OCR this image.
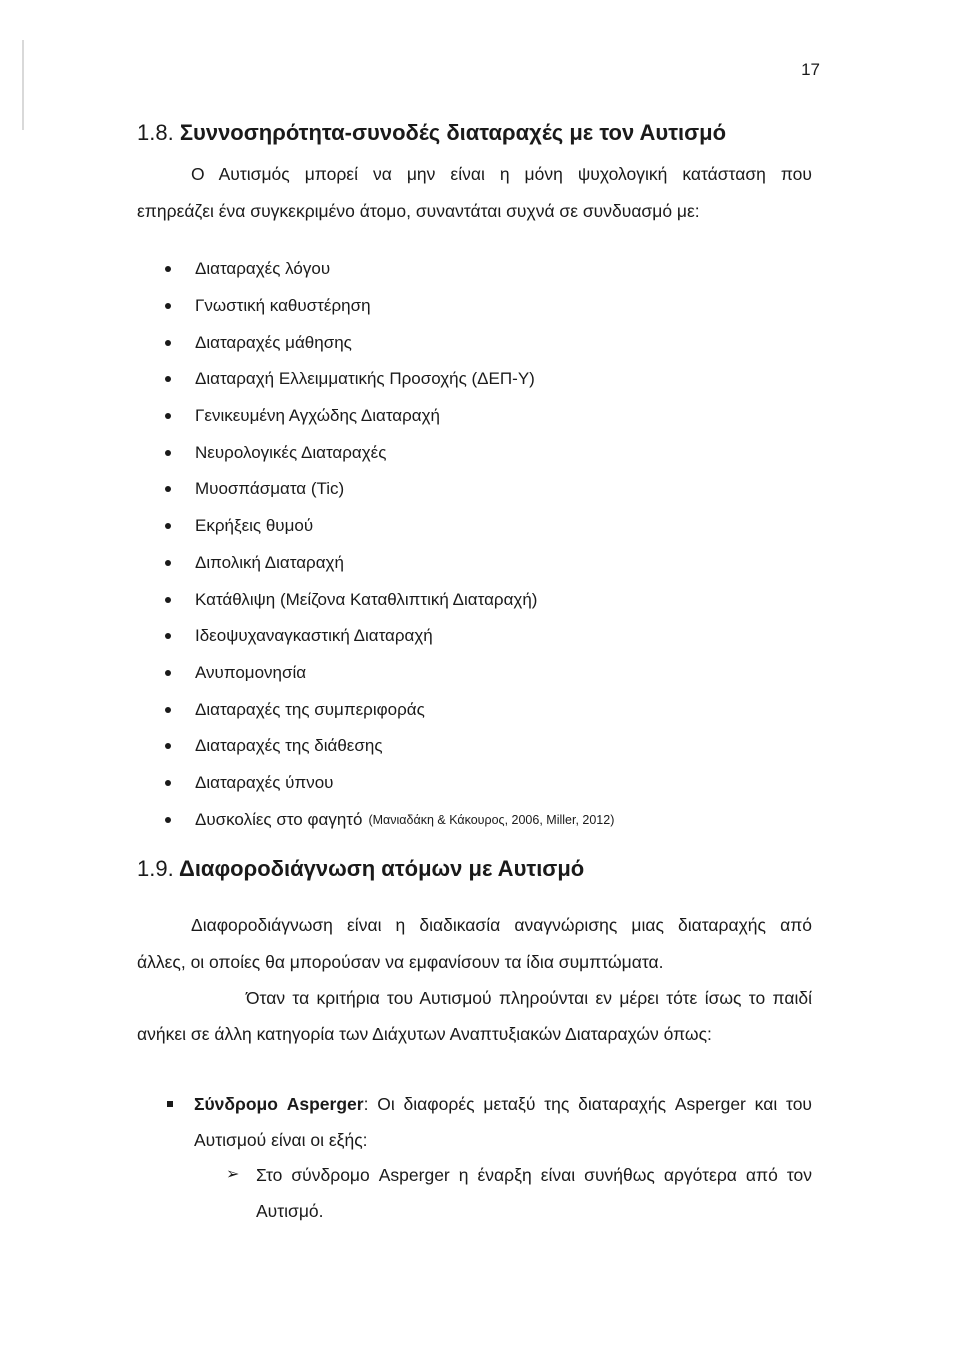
17
1.8. Συννοσηρότητα-συνοδές διαταραχές με τον Αυτισμό
Ο Αυτισμός μπορεί να μην είναι η μόνη ψυχολογική κατάσταση που
επηρεάζει ένα συγκεκριμένο άτομο, συναντάται συχνά σε συνδυασμό με:
Διαταραχές λόγου
Γνωστική καθυστέρηση
Διαταραχές μάθησης
Διαταραχή Ελλειμματικής Προσοχής (ΔΕΠ-Υ)
Γενικευμένη Αγχώδης Διαταραχή
Νευρολογικές Διαταραχές
Μυοσπάσματα (Tic)
Εκρήξεις θυμού
Διπολική Διαταραχή
Κατάθλιψη (Μείζονα Καταθλιπτική Διαταραχή)
Ιδεοψυχαναγκαστική Διαταραχή
Ανυπομονησία
Διαταραχές της συμπεριφοράς
Διαταραχές της διάθεσης
Διαταραχές ύπνου
Δυσκολίες στο φαγητό (Μανιαδάκη & Κάκουρος, 2006, Miller, 2012)
1.9. Διαφοροδιάγνωση ατόμων με Αυτισμό
Διαφοροδιάγνωση είναι η διαδικασία αναγνώρισης μιας διαταραχής από
άλλες, οι οποίες θα μπορούσαν να εμφανίσουν τα ίδια συμπτώματα.
Όταν τα κριτήρια του Αυτισμού πληρούνται εν μέρει τότε ίσως το παιδί
ανήκει σε άλλη κατηγορία των Διάχυτων Αναπτυξιακών Διαταραχών όπως:
Σύνδρομο Asperger: Οι διαφορές μεταξύ της διαταραχής Asperger και του
Αυτισμού είναι οι εξής:
➢ Στο σύνδρομο Asperger η έναρξη είναι συνήθως αργότερα από τον
Αυτισμό.
